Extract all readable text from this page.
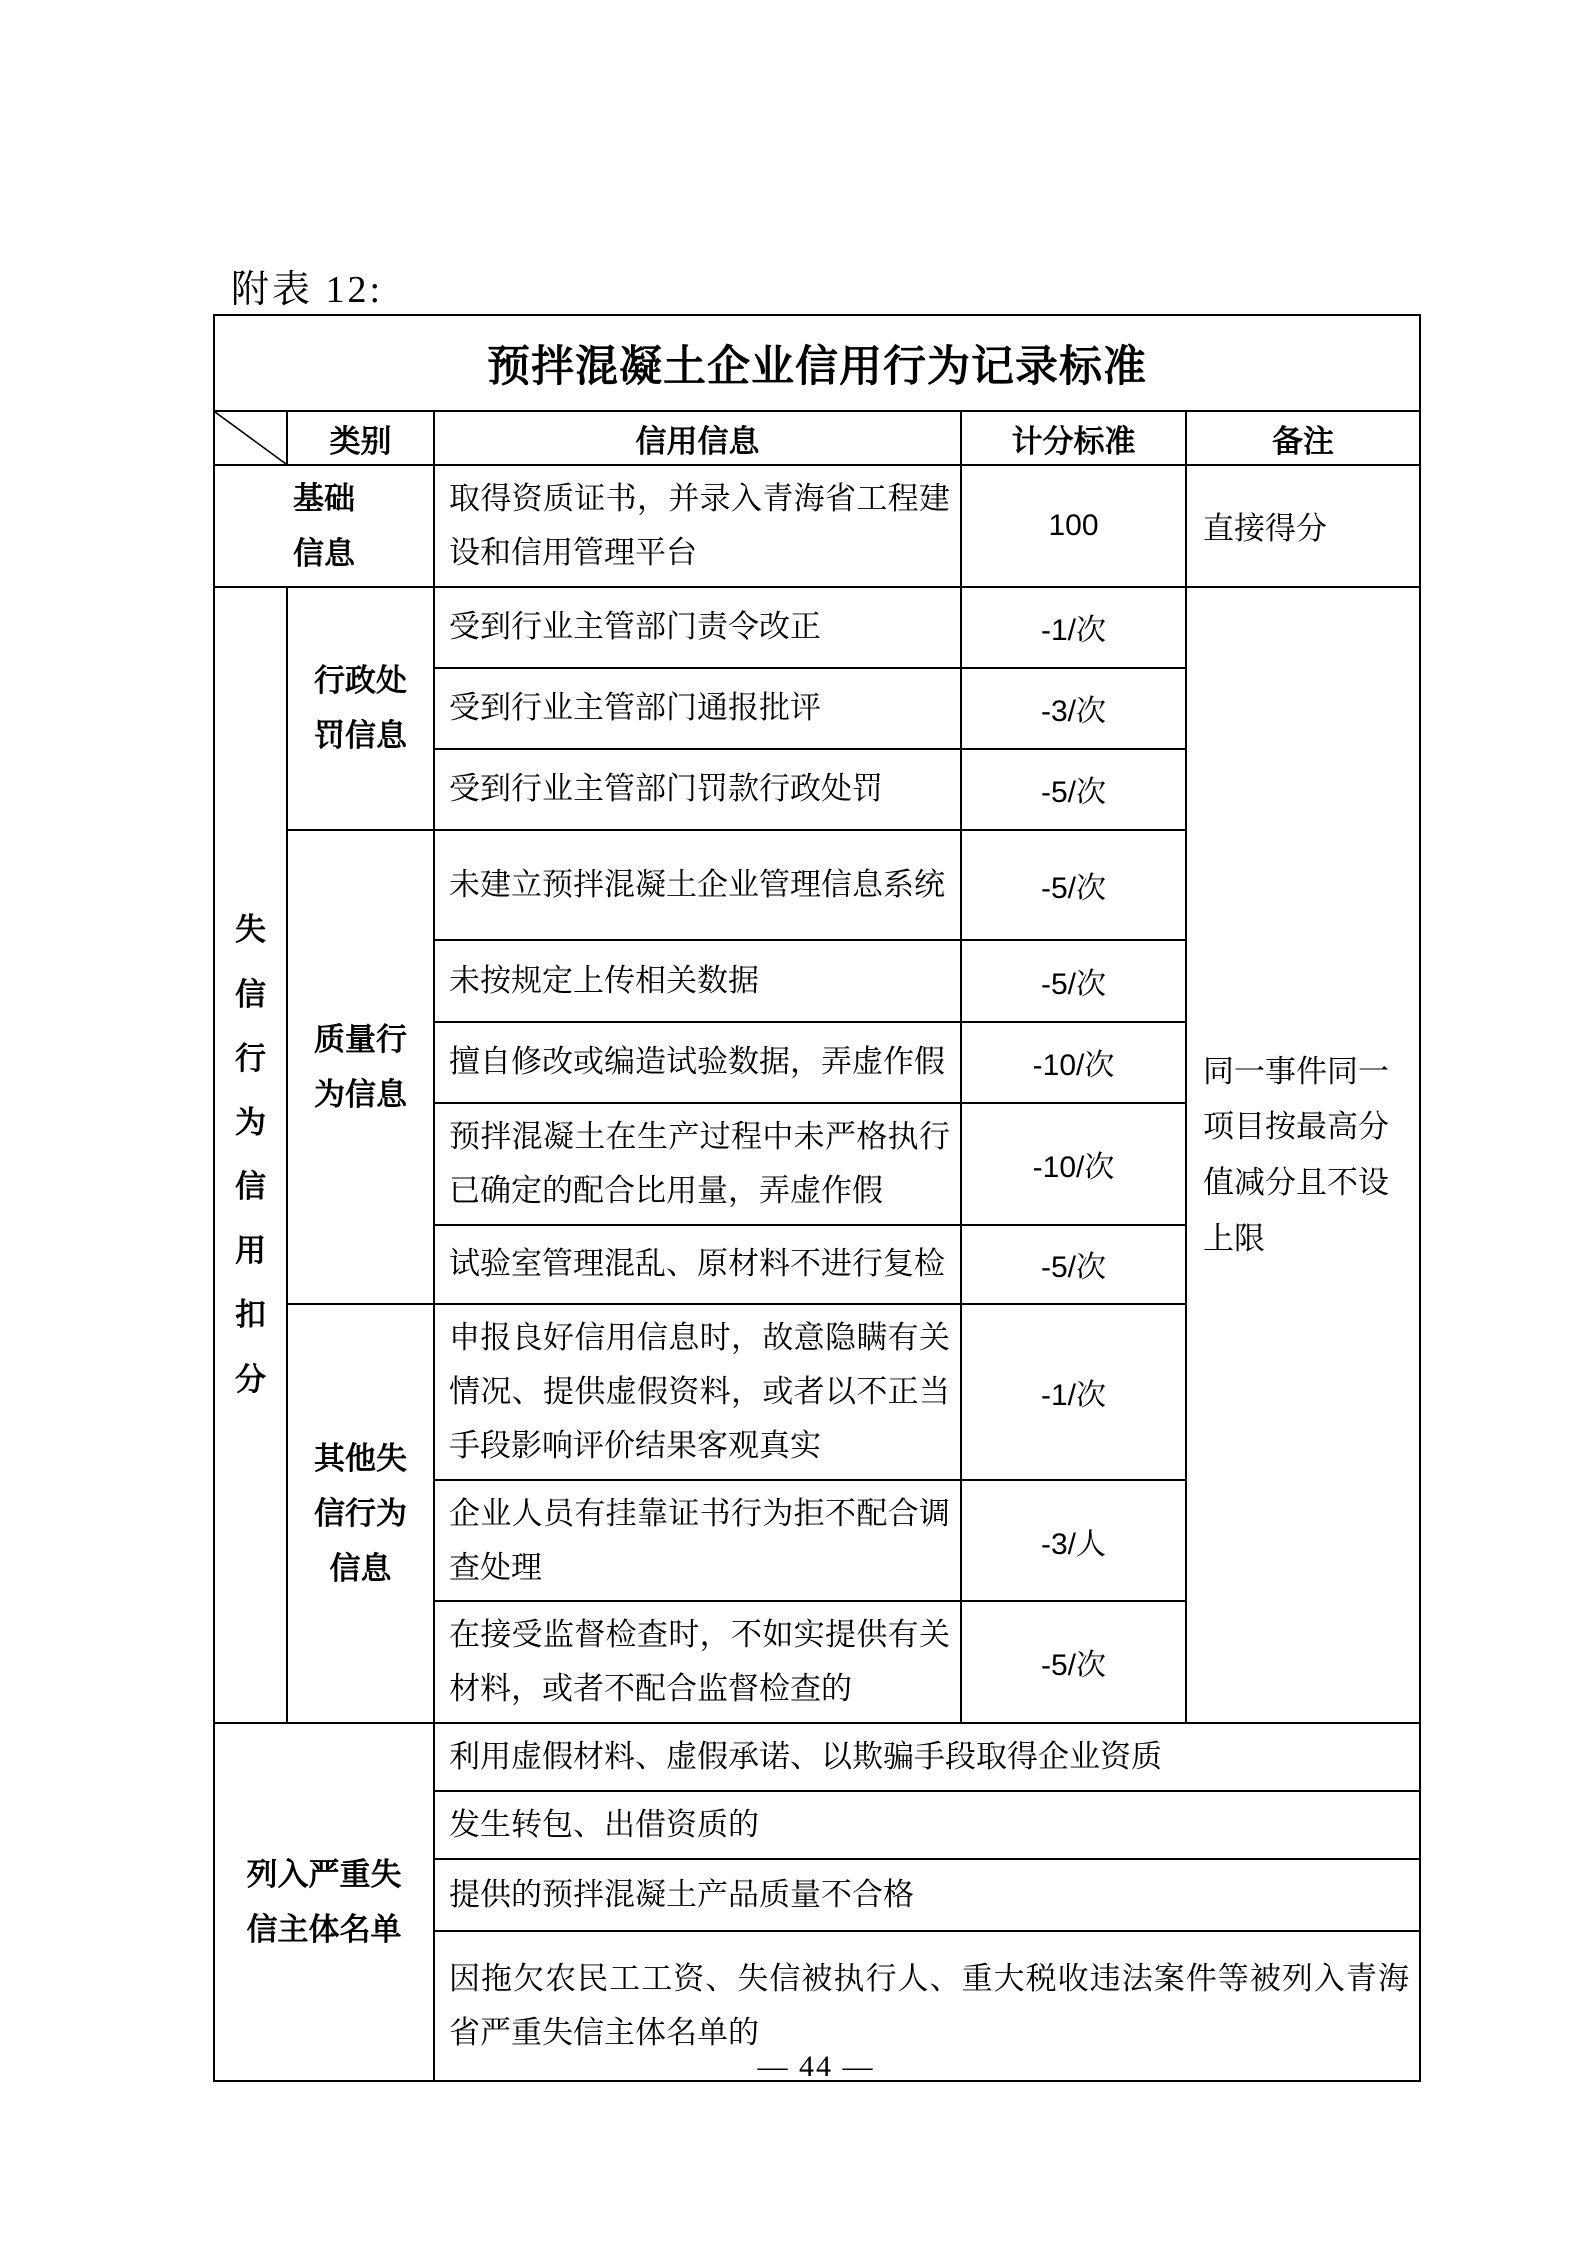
附表 12:
预拌混凝土企业信用行为记录标准				

	类别	信用信息	计分标准	备注

基础信息		取得资质证书，并录入青海省工程建设和信用管理平台	100	直接得分

失信行为信用扣分	行政处罚信息	受到行业主管部门责令改正	-1/次	同一事件同一项目按最高分值减分且不设上限

		受到行业主管部门通报批评	-3/次	

		受到行业主管部门罚款行政处罚	-5/次	

	质量行为信息	未建立预拌混凝土企业管理信息系统	-5/次	

		未按规定上传相关数据	-5/次	

		擅自修改或编造试验数据，弄虚作假	-10/次	

		预拌混凝土在生产过程中未严格执行已确定的配合比用量，弄虚作假	-10/次	

		试验室管理混乱、原材料不进行复检	-5/次	

	其他失信行为信息	申报良好信用信息时，故意隐瞒有关情况、提供虚假资料，或者以不正当手段影响评价结果客观真实	-1/次	

		企业人员有挂靠证书行为拒不配合调查处理	-3/人	

		在接受监督检查时，不如实提供有关材料，或者不配合监督检查的	-5/次	

列入严重失信主体名单		利用虚假材料、虚假承诺、以欺骗手段取得企业资质		

		发生转包、出借资质的		

		提供的预拌混凝土产品质量不合格		

		因拖欠农民工工资、失信被执行人、重大税收违法案件等被列入青海省严重失信主体名单的		
— 44 —
